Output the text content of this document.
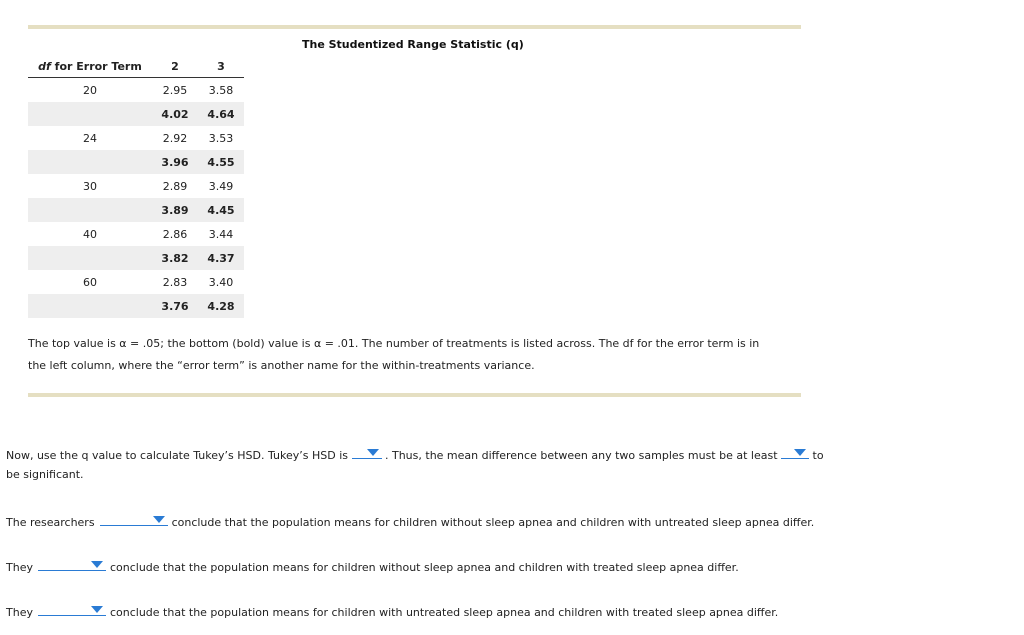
The Studentized Range Statistic (q)
df for Error Term	2	3
20	2.95	3.58
	4.02	4.64
24	2.92	3.53
	3.96	4.55
30	2.89	3.49
	3.89	4.45
40	2.86	3.44
	3.82	4.37
60	2.83	3.40
	3.76	4.28
The top value is α = .05; the bottom (bold) value is α = .01. The number of treatments is listed across. The df for the error term is in
the left column, where the “error term” is another name for the within-treatments variance.
Now, use the q value to calculate Tukey’s HSD. Tukey’s HSD is	. Thus, the mean difference between any two samples must be at least	to
be significant.
The researchers	conclude that the population means for children without sleep apnea and children with untreated sleep apnea differ.
They	conclude that the population means for children without sleep apnea and children with treated sleep apnea differ.
They	conclude that the population means for children with untreated sleep apnea and children with treated sleep apnea differ.
